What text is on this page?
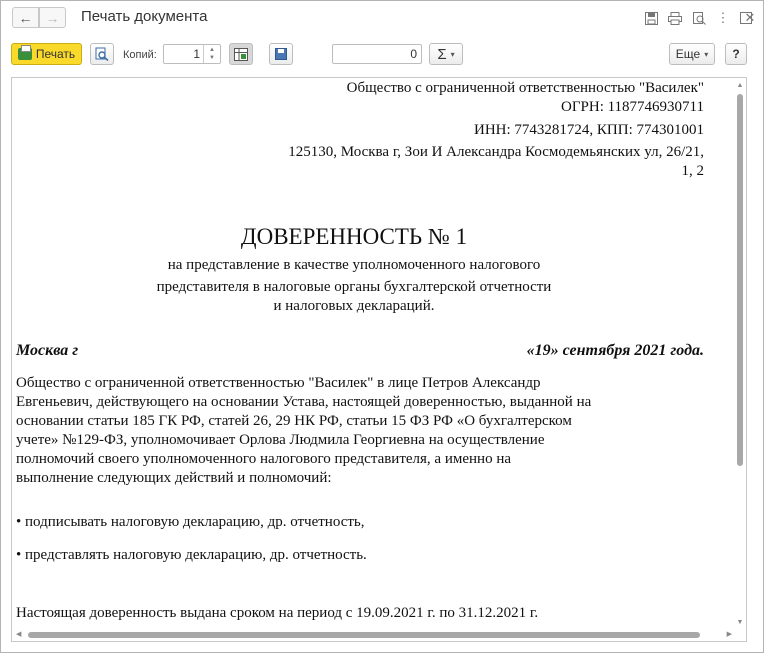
← → Печать документа	⋮ ✕
Печать	Копий:	1	▲
▼	0	Σ ▾	Еще ▾	?
Общество с ограниченной ответственностью "Василек"
ОГРН: 1187746930711
ИНН: 7743281724, КПП: 774301001
125130, Москва г, Зои И Александра Космодемьянских ул, 26/21,
1, 2
ДОВЕРЕННОСТЬ № 1
на представление в качестве уполномоченного налогового
представителя в налоговые органы бухгалтерской отчетности
и налоговых деклараций.
Москва г	«19» сентября 2021 года.
Общество с ограниченной ответственностью "Василек" в лице Петров Александр
Евгеньевич, действующего на основании Устава, настоящей доверенностью, выданной на
основании статьи 185 ГК РФ, статей 26, 29 НК РФ, статьи 15 ФЗ РФ «О бухгалтерском
учете» №129-ФЗ, уполномочивает Орлова Людмила Георгиевна на осуществление
полномочий своего уполномоченного налогового представителя, а именно на
выполнение следующих действий и полномочий:
• подписывать налоговую декларацию, др. отчетность,
• представлять налоговую декларацию, др. отчетность.
Настоящая доверенность выдана сроком на период с 19.09.2021 г. по 31.12.2021 г.
▲
▼
◀	▶
